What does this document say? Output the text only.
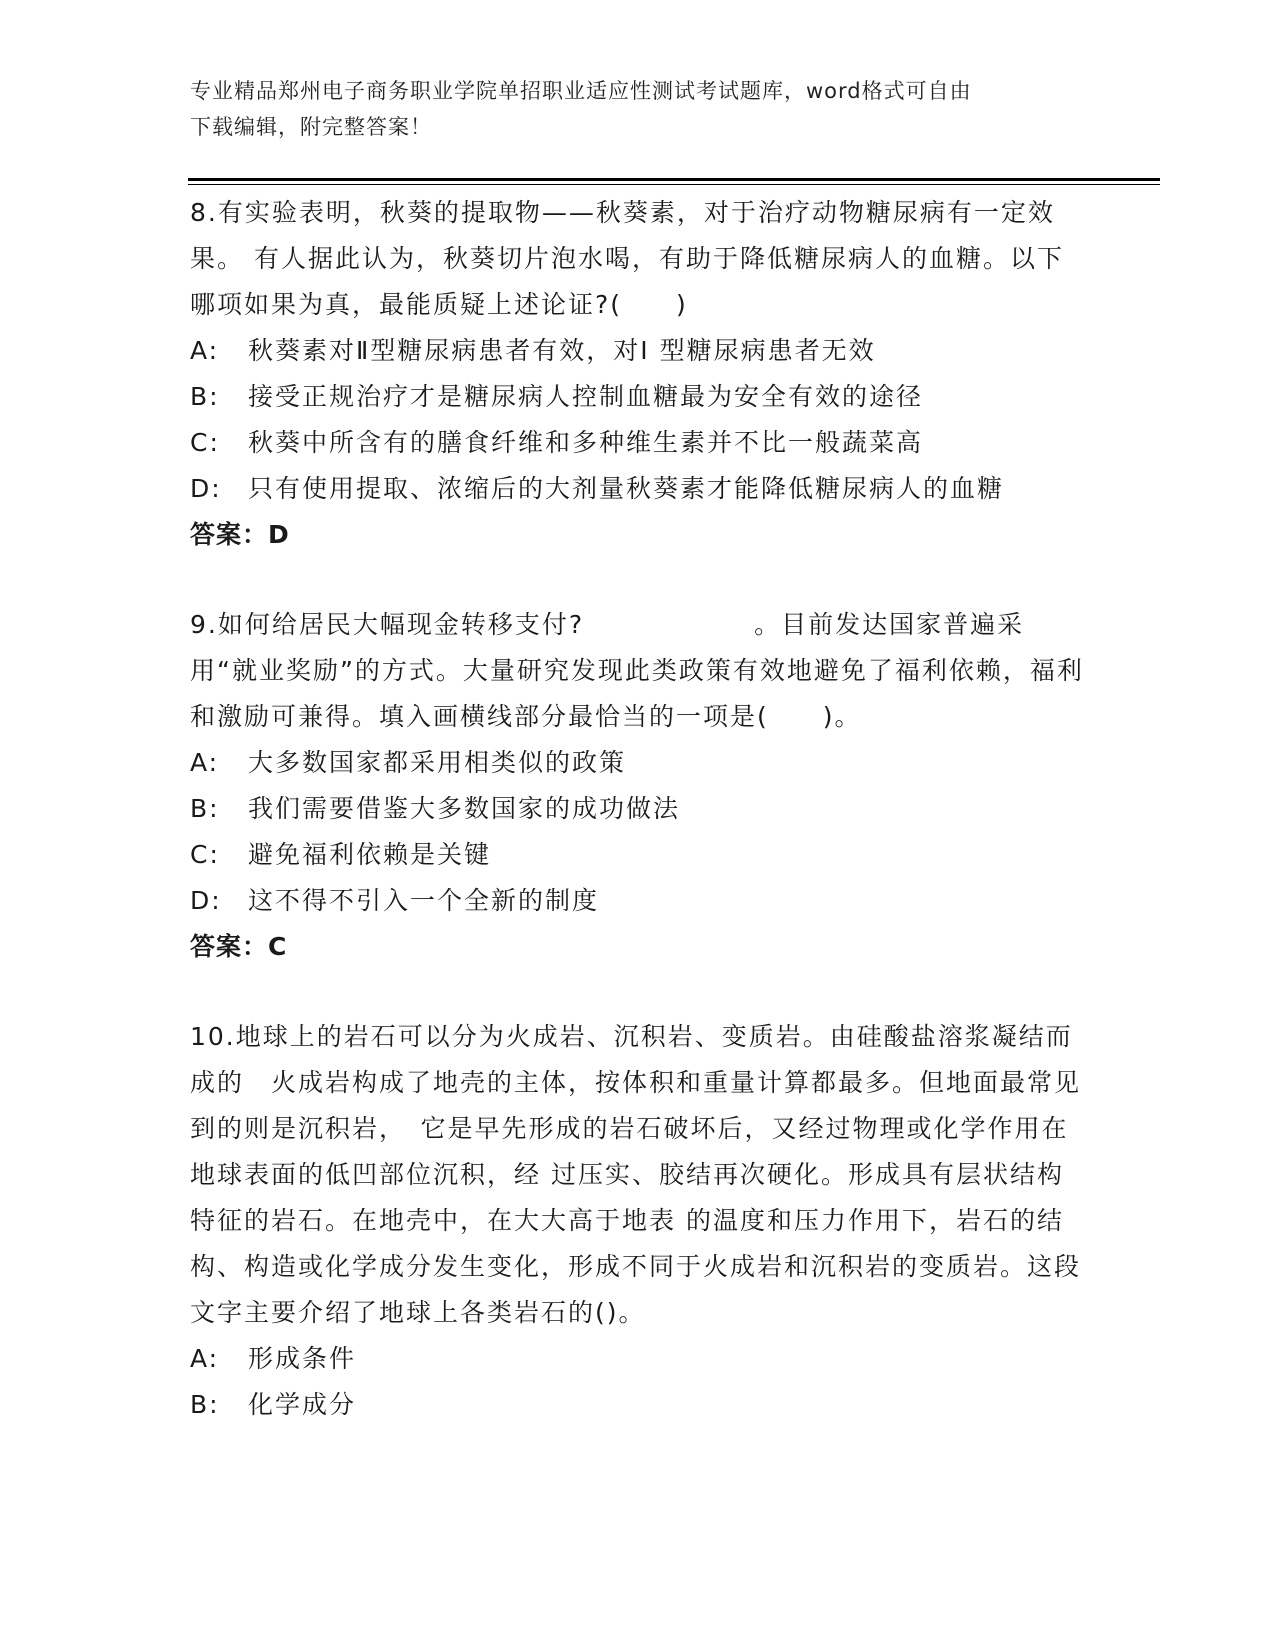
专业精品郑州电子商务职业学院单招职业适应性测试考试题库，word格式可自由
下载编辑，附完整答案！
8.有实验表明，秋葵的提取物——秋葵素，对于治疗动物糖尿病有一定效果。 有人据此认为，秋葵切片泡水喝，有助于降低糖尿病人的血糖。以下哪项如果为真，最能质疑上述论证?(　　)
A:	秋葵素对Ⅱ型糖尿病患者有效，对Ⅰ 型糖尿病患者无效
B:	接受正规治疗才是糖尿病人控制血糖最为安全有效的途径
C:	秋葵中所含有的膳食纤维和多种维生素并不比一般蔬菜高
D:	只有使用提取、浓缩后的大剂量秋葵素才能降低糖尿病人的血糖
答案：D
9.如何给居民大幅现金转移支付?	。目前发达国家普遍采用“就业奖励”的方式。大量研究发现此类政策有效地避免了福利依赖，福利和激励可兼得。填入画横线部分最恰当的一项是(　　)。
A:	大多数国家都采用相类似的政策
B:	我们需要借鉴大多数国家的成功做法
C:	避免福利依赖是关键
D:	这不得不引入一个全新的制度
答案：C
10.地球上的岩石可以分为火成岩、沉积岩、变质岩。由硅酸盐溶浆凝结而成的　火成岩构成了地壳的主体，按体积和重量计算都最多。但地面最常见到的则是沉积岩，　它是早先形成的岩石破坏后，又经过物理或化学作用在地球表面的低凹部位沉积，经 过压实、胶结再次硬化。形成具有层状结构特征的岩石。在地壳中，在大大高于地表 的温度和压力作用下，岩石的结构、构造或化学成分发生变化，形成不同于火成岩和沉积岩的变质岩。这段文字主要介绍了地球上各类岩石的()。
A:	形成条件
B:	化学成分
